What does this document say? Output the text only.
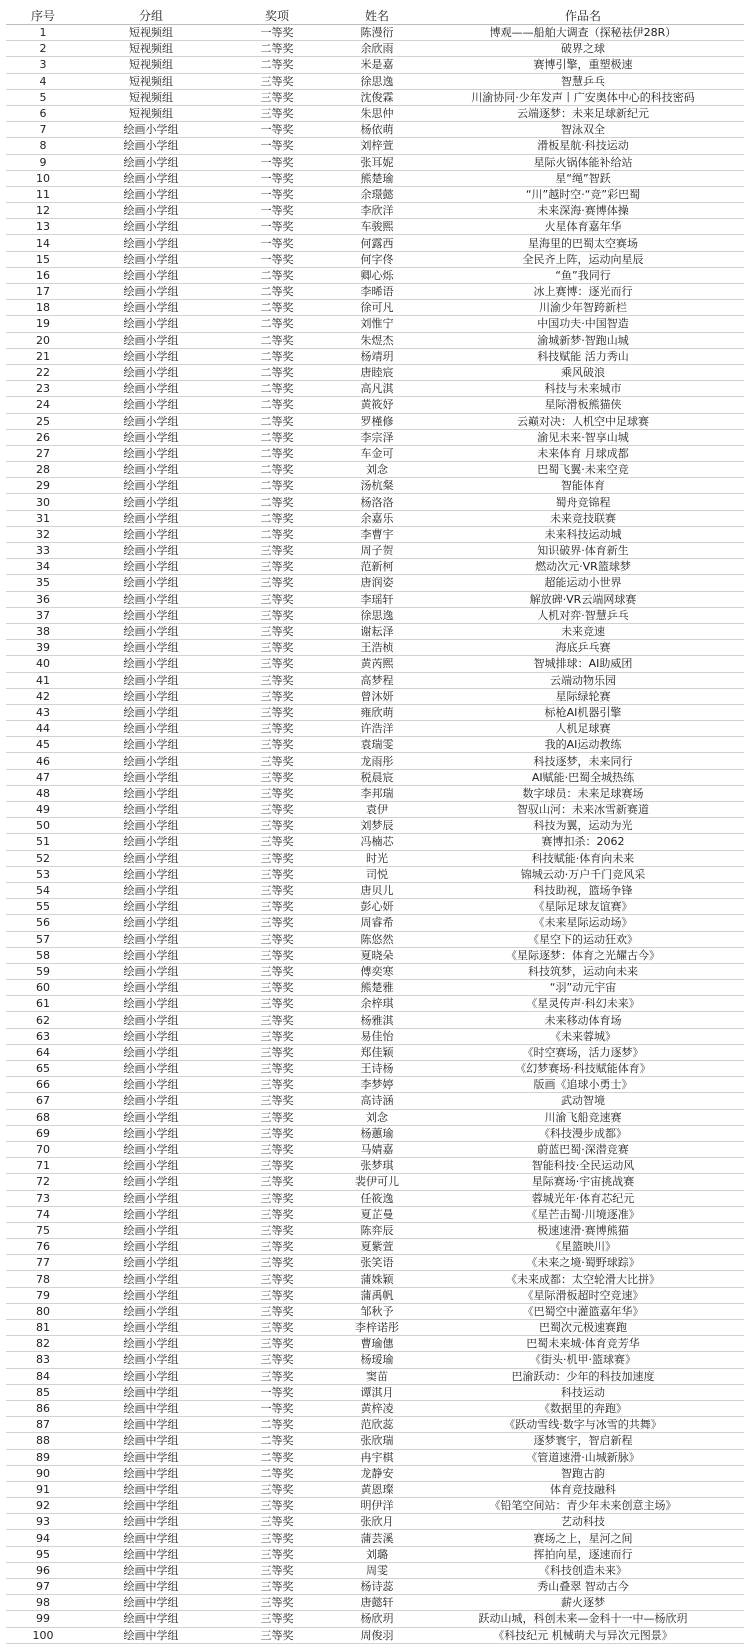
序号	分组	奖项	姓名	作品名
1	短视频组	一等奖	陈漫衍	博观——船舶大调查（探秘祛伊28R）
2	短视频组	二等奖	余欣雨	破界之球
3	短视频组	二等奖	米是嘉	赛博引擎，重塑极速
4	短视频组	三等奖	徐思逸	智慧乒乓
5	短视频组	三等奖	沈俊霖	川渝协同·少年发声丨广安奥体中心的科技密码
6	短视频组	三等奖	朱思仲	云端逐梦：未来足球新纪元
7	绘画小学组	一等奖	杨依萌	智泳双全
8	绘画小学组	一等奖	刘梓萱	滑板星航·科技运动
9	绘画小学组	一等奖	张耳妮	星际火锅体能补给站
10	绘画小学组	一等奖	熊楚瑜	星“绳”智跃
11	绘画小学组	一等奖	余璟懿	“川”越时空·“竞”彩巴蜀
12	绘画小学组	一等奖	李欣洋	未来深海·赛博体操
13	绘画小学组	一等奖	车骏熙	火星体育嘉年华
14	绘画小学组	一等奖	何露西	星海里的巴蜀太空赛场
15	绘画小学组	一等奖	何字佟	全民齐上阵，运动向星辰
16	绘画小学组	二等奖	卿心烁	“鱼”我同行
17	绘画小学组	二等奖	李晞语	冰上赛博：逐光而行
18	绘画小学组	二等奖	徐可凡	川渝少年智跨新栏
19	绘画小学组	二等奖	刘惟宁	中国功夫·中国智造
20	绘画小学组	二等奖	朱煜杰	渝城新梦·智跑山城
21	绘画小学组	二等奖	杨靖玥	科技赋能 活力秀山
22	绘画小学组	二等奖	唐睦宸	乘风破浪
23	绘画小学组	二等奖	高凡淇	科技与未来城市
24	绘画小学组	二等奖	黄筱妤	星际滑板熊猫侠
25	绘画小学组	二等奖	罗槿修	云巅对决：人机空中足球赛
26	绘画小学组	二等奖	李宗泽	渝见未来·智享山城
27	绘画小学组	二等奖	车金可	未来体育 月球成都
28	绘画小学组	二等奖	刘念	巴蜀飞翼·未来空竞
29	绘画小学组	二等奖	汤杭粲	智能体育
30	绘画小学组	二等奖	杨洛洛	蜀舟竞锦程
31	绘画小学组	二等奖	余嘉乐	未来竞技联赛
32	绘画小学组	二等奖	李曹宇	未来科技运动城
33	绘画小学组	三等奖	周子贺	知识破界·体育新生
34	绘画小学组	三等奖	范新柯	燃动次元·VR篮球梦
35	绘画小学组	三等奖	唐润姿	超能运动小世界
36	绘画小学组	三等奖	李瑶轩	解放碑·VR云端网球赛
37	绘画小学组	三等奖	徐思逸	人机对弈·智慧乒乓
38	绘画小学组	三等奖	谢耘泽	未来竞速
39	绘画小学组	三等奖	王浩桢	海底乒乓赛
40	绘画小学组	三等奖	黄芮熙	智城排球：AI助威团
41	绘画小学组	三等奖	高梦程	云端动物乐园
42	绘画小学组	三等奖	曾沐妍	星际绿轮赛
43	绘画小学组	三等奖	雍欣萌	标枪AI机器引擎
44	绘画小学组	三等奖	许浩洋	人机足球赛
45	绘画小学组	三等奖	袁瑞雯	我的AI运动教练
46	绘画小学组	三等奖	龙雨彤	科技逐梦，未来同行
47	绘画小学组	三等奖	税晨宸	AI赋能·巴蜀全城热练
48	绘画小学组	三等奖	李邦瑞	数字球员：未来足球赛场
49	绘画小学组	三等奖	袁伊	智驭山河：未来冰雪新赛道
50	绘画小学组	三等奖	刘梦辰	科技为翼，运动为光
51	绘画小学组	三等奖	冯楠芯	赛博扣杀：2062
52	绘画小学组	三等奖	时光	科技赋能·体育向未来
53	绘画小学组	三等奖	司悦	锦城云动·万户千门竞风采
54	绘画小学组	三等奖	唐贝儿	科技助视，篮场争锋
55	绘画小学组	三等奖	彭心妍	《星际足球友谊赛》
56	绘画小学组	三等奖	周睿希	《未来星际运动场》
57	绘画小学组	三等奖	陈悠然	《星空下的运动狂欢》
58	绘画小学组	三等奖	夏晓朵	《星际逐梦：体育之光耀古今》
59	绘画小学组	三等奖	傅奕寒	科技筑梦，运动向未来
60	绘画小学组	三等奖	熊楚雅	“羽”动元宇宙
61	绘画小学组	三等奖	余梓琪	《星灵传声·科幻未来》
62	绘画小学组	三等奖	杨雅淇	未来移动体育场
63	绘画小学组	三等奖	易佳怡	《未来蓉城》
64	绘画小学组	三等奖	郑佳颖	《时空赛场，活力逐梦》
65	绘画小学组	三等奖	王诗杨	《幻梦赛场·科技赋能体育》
66	绘画小学组	三等奖	李梦婷	版画《追球小勇士》
67	绘画小学组	三等奖	高诗涵	武动智境
68	绘画小学组	三等奖	刘念	川渝飞船竞速赛
69	绘画小学组	三等奖	杨蕙瑜	《科技漫步成都》
70	绘画小学组	三等奖	马婧嘉	蔚蓝巴蜀·深潜竞赛
71	绘画小学组	三等奖	张梦琪	智能科技·全民运动风
72	绘画小学组	三等奖	裴伊可儿	星际赛场·宇宙挑战赛
73	绘画小学组	三等奖	任筱逸	蓉城光年·体育芯纪元
74	绘画小学组	三等奖	夏芷曼	《星芒击蜀·川境逐准》
75	绘画小学组	三等奖	陈弈辰	极速速滑·赛博熊猫
76	绘画小学组	三等奖	夏紫萱	《星篮映川》
77	绘画小学组	三等奖	张笑语	《未来之境·蜀野球踪》
78	绘画小学组	三等奖	蒲姝颖	《未来成都：太空轮滑大比拼》
79	绘画小学组	三等奖	蒲禹帆	《星际滑板超时空竞速》
80	绘画小学组	三等奖	邹秋予	《巴蜀空中灌篮嘉年华》
81	绘画小学组	三等奖	李梓诺彤	巴蜀次元极速赛跑
82	绘画小学组	三等奖	曹瑜僡	巴蜀未来城·体育竞芳华
83	绘画小学组	三等奖	杨瑷瑜	《街头·机甲·篮球赛》
84	绘画小学组	三等奖	窦苗	巴渝跃动：少年的科技加速度
85	绘画中学组	一等奖	谭淇月	科技运动
86	绘画中学组	一等奖	黄梓凌	《数据里的奔跑》
87	绘画中学组	二等奖	范欣蕊	《跃动雪线·数字与冰雪的共舞》
88	绘画中学组	二等奖	张欣瑞	逐梦寰宇，智启新程
89	绘画中学组	二等奖	冉宇棋	《管道速滑·山城新脉》
90	绘画中学组	二等奖	龙静安	智跑古韵
91	绘画中学组	三等奖	黄恩璨	体育竞技融科
92	绘画中学组	三等奖	明伊洋	《铅笔空间站：青少年未来创意主场》
93	绘画中学组	三等奖	张欣月	艺动科技
94	绘画中学组	三等奖	蒲芸溪	赛场之上，星河之间
95	绘画中学组	三等奖	刘璐	挥拍向星，逐速而行
96	绘画中学组	三等奖	周雯	《科技创造未来》
97	绘画中学组	三等奖	杨诗蕊	秀山叠翠 智动古今
98	绘画中学组	三等奖	唐懿轩	薪火逐梦
99	绘画中学组	三等奖	杨欣玥	跃动山城，科创未来—金科十一中—杨欣玥
100	绘画中学组	三等奖	周俊羽	《科技纪元 机械萌犬与异次元图景》
